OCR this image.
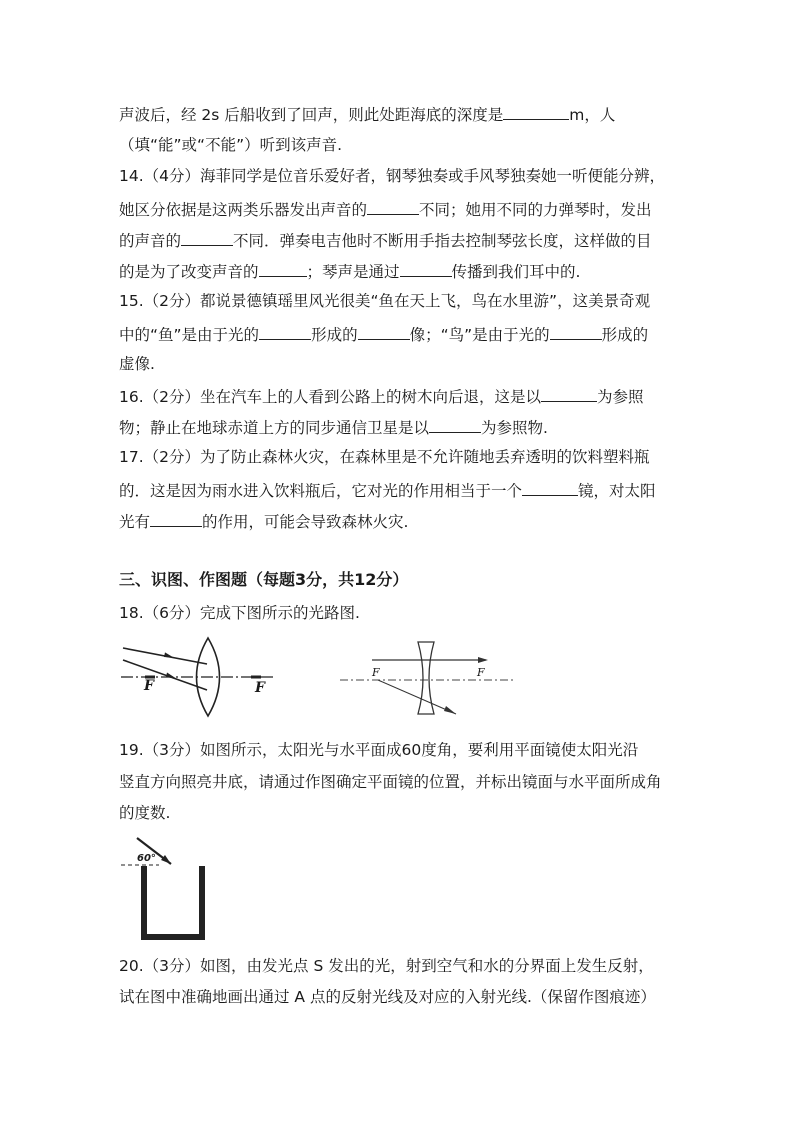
声波后，经 2s 后船收到了回声，则此处距海底的深度是	m，人
（填“能”或“不能”）听到该声音.
14.（4分）海菲同学是位音乐爱好者，钢琴独奏或手风琴独奏她一听便能分辨，
她区分依据是这两类乐器发出声音的	不同；她用不同的力弹琴时，发出
的声音的	不同．弹奏电吉他时不断用手指去控制琴弦长度，这样做的目
的是为了改变声音的	；琴声是通过	传播到我们耳中的.
15.（2分）都说景德镇瑶里风光很美“鱼在天上飞，鸟在水里游”，这美景奇观
中的“鱼”是由于光的	形成的	像；“鸟”是由于光的	形成的
虚像.
16.（2分）坐在汽车上的人看到公路上的树木向后退，这是以	为参照
物；静止在地球赤道上方的同步通信卫星是以	为参照物.
17.（2分）为了防止森林火灾，在森林里是不允许随地丢弃透明的饮料塑料瓶
的．这是因为雨水进入饮料瓶后，它对光的作用相当于一个	镜，对太阳
光有	的作用，可能会导致森林火灾.
三、识图、作图题（每题3分，共12分）
18.（6分）完成下图所示的光路图.
F	F
F	F
19.（3分）如图所示，太阳光与水平面成60度角，要利用平面镜使太阳光沿
竖直方向照亮井底，请通过作图确定平面镜的位置，并标出镜面与水平面所成角
的度数.
60°
20.（3分）如图，由发光点 S 发出的光，射到空气和水的分界面上发生反射，
试在图中准确地画出通过 A 点的反射光线及对应的入射光线.（保留作图痕迹）
